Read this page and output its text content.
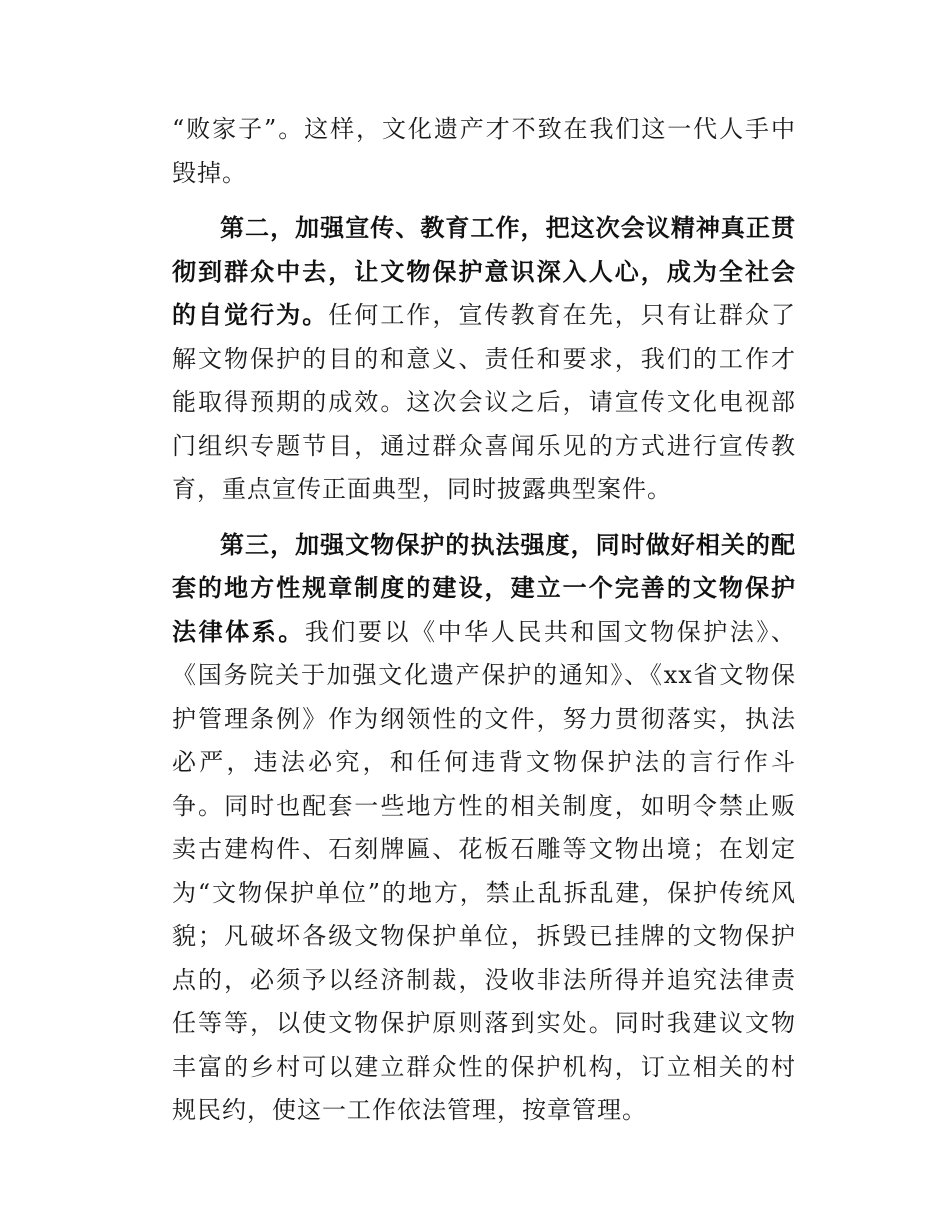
“败家子”。这样，文化遗产才不致在我们这一代人手中毁掉。

第二，加强宣传、教育工作，把这次会议精神真正贯彻到群众中去，让文物保护意识深入人心，成为全社会的自觉行为。任何工作，宣传教育在先，只有让群众了解文物保护的目的和意义、责任和要求，我们的工作才能取得预期的成效。这次会议之后，请宣传文化电视部门组织专题节目，通过群众喜闻乐见的方式进行宣传教育，重点宣传正面典型，同时披露典型案件。

第三，加强文物保护的执法强度，同时做好相关的配套的地方性规章制度的建设，建立一个完善的文物保护法律体系。我们要以《中华人民共和国文物保护法》、《国务院关于加强文化遗产保护的通知》、《xx省文物保护管理条例》作为纲领性的文件，努力贯彻落实，执法必严，违法必究，和任何违背文物保护法的言行作斗争。同时也配套一些地方性的相关制度，如明令禁止贩卖古建构件、石刻牌匾、花板石雕等文物出境；在划定为“文物保护单位”的地方，禁止乱拆乱建，保护传统风貌；凡破坏各级文物保护单位，拆毁已挂牌的文物保护点的，必须予以经济制裁，没收非法所得并追究法律责任等等，以使文物保护原则落到实处。同时我建议文物丰富的乡村可以建立群众性的保护机构，订立相关的村规民约，使这一工作依法管理，按章管理。
